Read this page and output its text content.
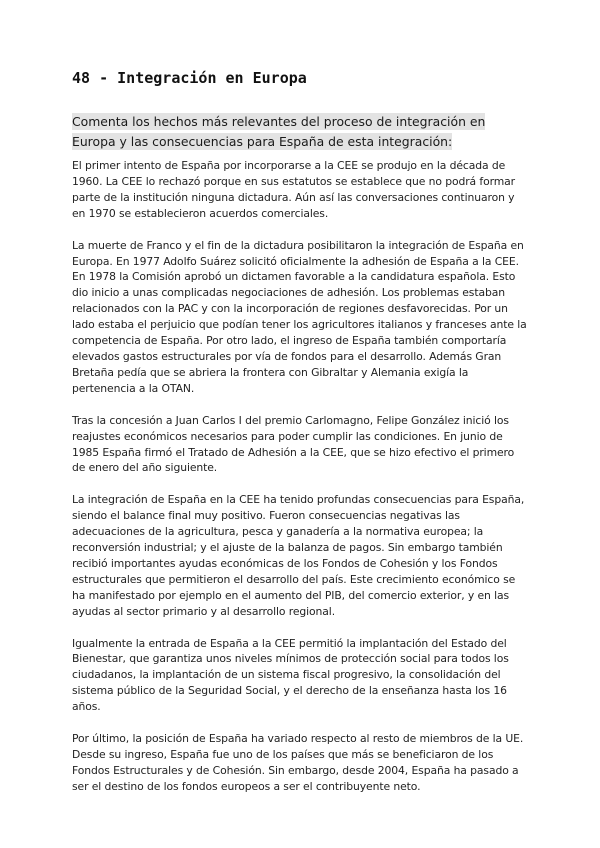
48 - Integración en Europa

Comenta los hechos más relevantes del proceso de integración en Europa y las consecuencias para España de esta integración:

El primer intento de España por incorporarse a la CEE se produjo en la década de 1960. La CEE lo rechazó porque en sus estatutos se establece que no podrá formar parte de la institución ninguna dictadura. Aún así las conversaciones continuaron y en 1970 se establecieron acuerdos comerciales.

La muerte de Franco y el fin de la dictadura posibilitaron la integración de España en Europa. En 1977 Adolfo Suárez solicitó oficialmente la adhesión de España a la CEE. En 1978 la Comisión aprobó un dictamen favorable a la candidatura española. Esto dio inicio a unas complicadas negociaciones de adhesión. Los problemas estaban relacionados con la PAC y con la incorporación de regiones desfavorecidas. Por un lado estaba el perjuicio que podían tener los agricultores italianos y franceses ante la competencia de España. Por otro lado, el ingreso de España también comportaría elevados gastos estructurales por vía de fondos para el desarrollo. Además Gran Bretaña pedía que se abriera la frontera con Gibraltar y Alemania exigía la pertenencia a la OTAN.

Tras la concesión a Juan Carlos I del premio Carlomagno, Felipe González inició los reajustes económicos necesarios para poder cumplir las condiciones. En junio de 1985 España firmó el Tratado de Adhesión a la CEE, que se hizo efectivo el primero de enero del año siguiente.

La integración de España en la CEE ha tenido profundas consecuencias para España, siendo el balance final muy positivo. Fueron consecuencias negativas las adecuaciones de la agricultura, pesca y ganadería a la normativa europea; la reconversión industrial; y el ajuste de la balanza de pagos. Sin embargo también recibió importantes ayudas económicas de los Fondos de Cohesión y los Fondos estructurales que permitieron el desarrollo del país. Este crecimiento económico se ha manifestado por ejemplo en el aumento del PIB, del comercio exterior, y en las ayudas al sector primario y al desarrollo regional.

Igualmente la entrada de España a la CEE permitió la implantación del Estado del Bienestar, que garantiza unos niveles mínimos de protección social para todos los ciudadanos, la implantación de un sistema fiscal progresivo, la consolidación del sistema público de la Seguridad Social, y el derecho de la enseñanza hasta los 16 años.

Por último, la posición de España ha variado respecto al resto de miembros de la UE. Desde su ingreso, España fue uno de los países que más se beneficiaron de los Fondos Estructurales y de Cohesión. Sin embargo, desde 2004, España ha pasado a ser el destino de los fondos europeos a ser el contribuyente neto.
